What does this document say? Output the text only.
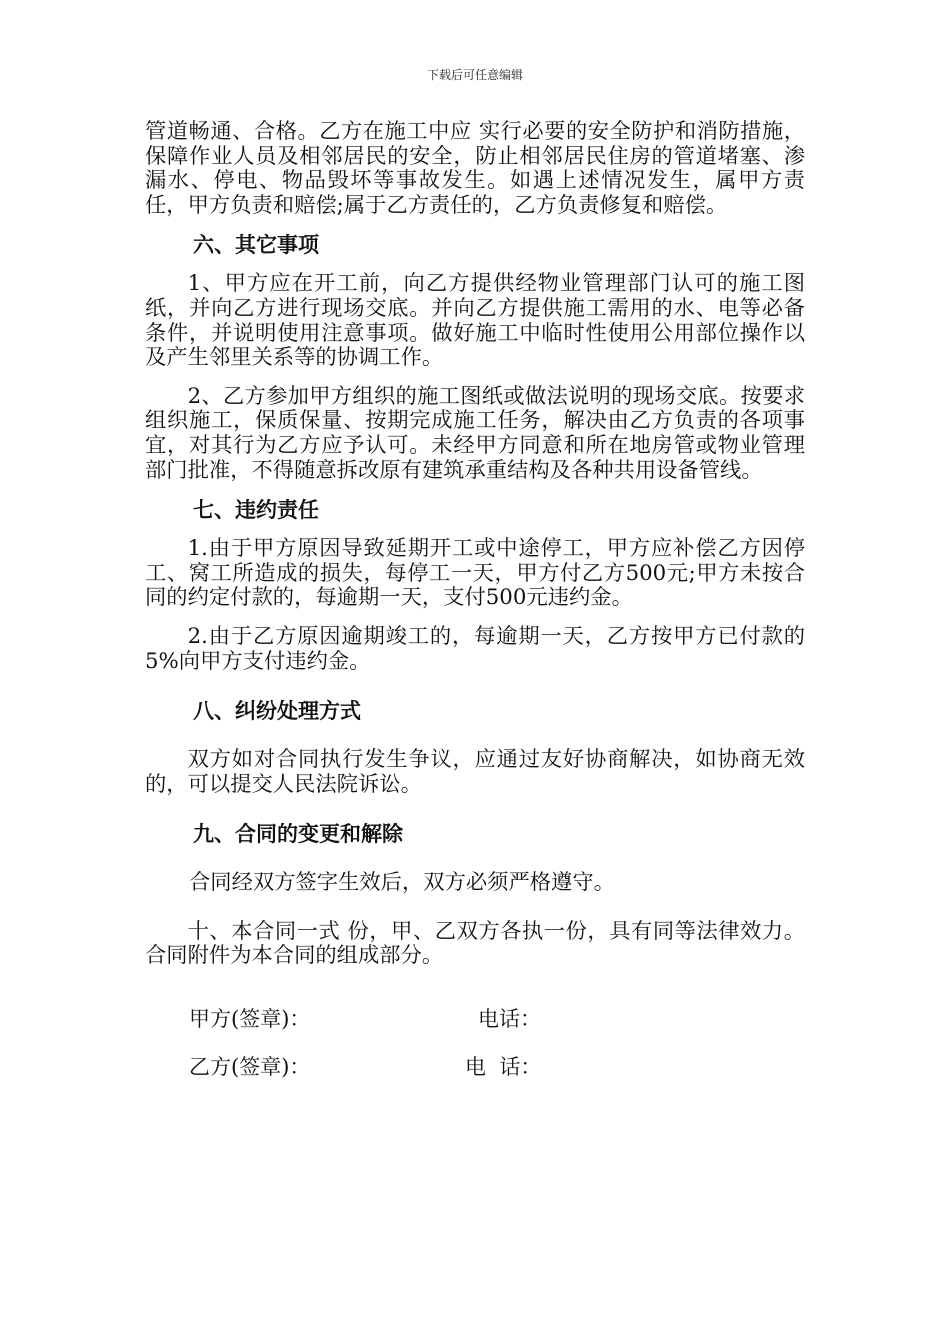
下载后可任意编辑

管道畅通、合格。乙方在施工中应 实行必要的安全防护和消防措施，保障作业人员及相邻居民的安全，防止相邻居民住房的管道堵塞、渗漏水、停电、物品毁坏等事故发生。如遇上述情况发生，属甲方责任，甲方负责和赔偿;属于乙方责任的，乙方负责修复和赔偿。

六、其它事项

1、甲方应在开工前，向乙方提供经物业管理部门认可的施工图纸，并向乙方进行现场交底。并向乙方提供施工需用的水、电等必备条件，并说明使用注意事项。做好施工中临时性使用公用部位操作以及产生邻里关系等的协调工作。

2、乙方参加甲方组织的施工图纸或做法说明的现场交底。按要求组织施工，保质保量、按期完成施工任务，解决由乙方负责的各项事宜，对其行为乙方应予认可。未经甲方同意和所在地房管或物业管理部门批准，不得随意拆改原有建筑承重结构及各种共用设备管线。

七、违约责任

1.由于甲方原因导致延期开工或中途停工，甲方应补偿乙方因停工、窝工所造成的损失，每停工一天，甲方付乙方500元;甲方未按合同的约定付款的，每逾期一天，支付500元违约金。

2.由于乙方原因逾期竣工的，每逾期一天，乙方按甲方已付款的5%向甲方支付违约金。

八、纠纷处理方式

双方如对合同执行发生争议，应通过友好协商解决，如协商无效的，可以提交人民法院诉讼。

九、合同的变更和解除

合同经双方签字生效后，双方必须严格遵守。

十、本合同一式 份，甲、乙双方各执一份，具有同等法律效力。合同附件为本合同的组成部分。

甲方(签章)：	电话：
乙方(签章)：	电  话：
